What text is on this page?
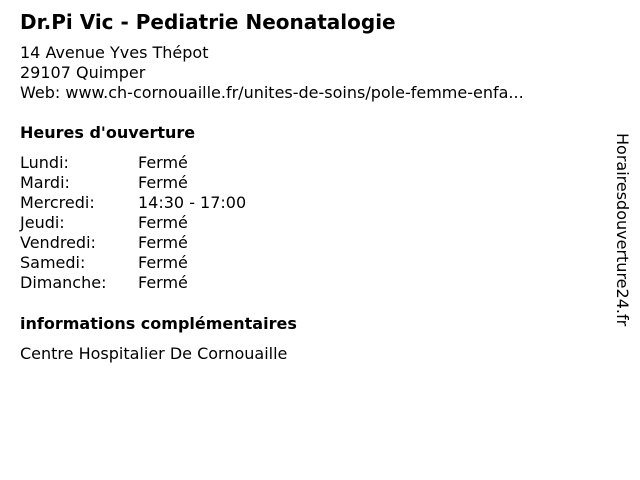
Dr.Pi Vic - Pediatrie Neonatalogie
14 Avenue Yves Thépot
29107 Quimper
Web: www.ch-cornouaille.fr/unites-de-soins/pole-femme-enfa...
Heures d'ouverture
Lundi:	Fermé
Mardi:	Fermé
Mercredi:	14:30 - 17:00
Jeudi:	Fermé
Vendredi:	Fermé
Samedi:	Fermé
Dimanche: Fermé
informations complémentaires
Centre Hospitalier De Cornouaille
Horairesdouverture24.fr
